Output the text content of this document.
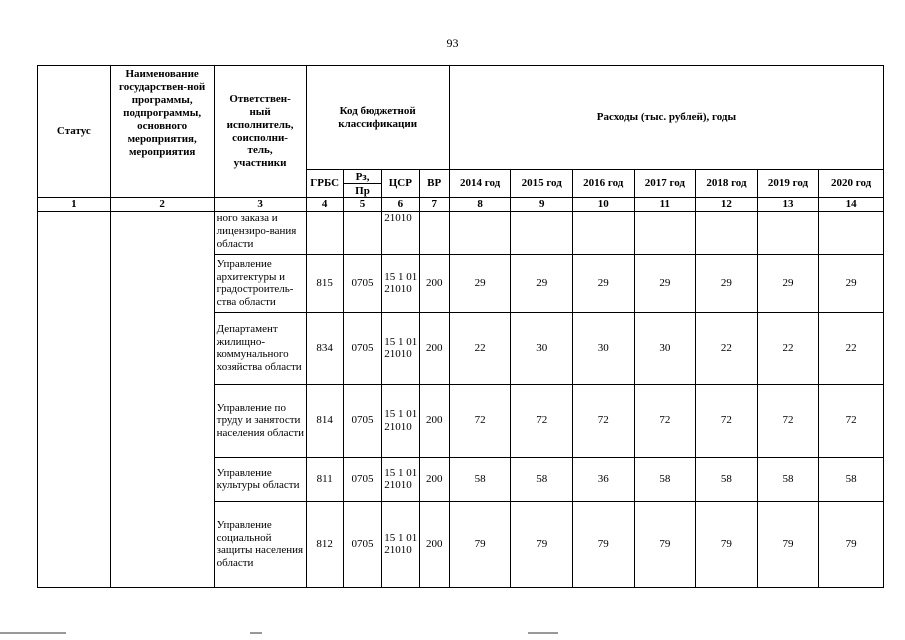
93
Статус	Наименование государствен-ной программы, подпрограммы, основного мероприятия, мероприятия	Ответствен-ный исполнитель, соисполни-тель, участники	Код бюджетной классификации				Расходы (тыс. рублей), годы						
			ГРБС	Рз,	ЦСР	ВР	2014 год	2015 год	2016 год	2017 год	2018 год	2019 год	2020 год
				Пр									
1	2	3	4	5	6	7	8	9	10	11	12	13	14
		ного заказа и лицензиро-вания области			21010								
		Управление архитектуры и градостроитель-ства области	815	0705	15 1 01 21010	200	29	29	29	29	29	29	29
		Департамент жилищно-коммунального хозяйства области	834	0705	15 1 01 21010	200	22	30	30	30	22	22	22
		Управление по труду и занятости населения области	814	0705	15 1 01 21010	200	72	72	72	72	72	72	72
		Управление культуры области	811	0705	15 1 01 21010	200	58	58	36	58	58	58	58
		Управление социальной защиты населения области	812	0705	15 1 01 21010	200	79	79	79	79	79	79	79
